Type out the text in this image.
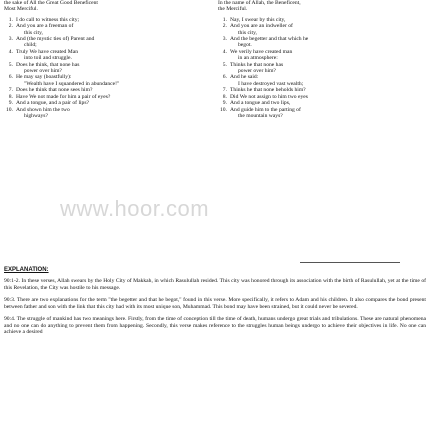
the sake of All the Great Good Beneficent
Most Merciful.
1. I do call to witness this city;
2. And you are a freeman of
this city,
3. And (the mystic ties of) Parent and
child;
4. Truly We have created Man
into toil and struggle.
5. Does he think, that none has
power over him?
6. He may say (boastfully):
"Wealth have I squandered in abundance!"
7. Does he think that none sees him?
8. Have We not made for him a pair of eyes?
9. And a tongue, and a pair of lips?
10. And shown him the two
highways?
In the name of Allah, the Beneficent,
the Merciful.
1. Nay, I swear by this city,
2. And you are an indweller of
this city,
3. And the begetter and that which he
begot.
4. We verily have created man
in an atmosphere:
5. Thinks he that none has
power over him?
6. And he said:
I have destroyed vast wealth;
7. Thinks he that none beholds him?
8. Did We not assign to him two eyes
9. And a tongue and two lips,
10. And guide him to the parting of
the mountain ways?
www.hoor.com
EXPLANATION:

90:1-2. In these verses, Allah swears by the Holy City of Makkah, in which Rasulullah resided. This city was honored through its association with the birth of Rasulullah, yet at the time of this Revelation, the City was hostile to his message.

90:3. There are two explanations for the term "the begetter and that he begot," found in this verse. More specifically, it refers to Adam and his children. It also compares the bond present between father and son with the link that this city had with its most unique son, Muhammad. This bond may have been strained, but it could never be severed.

90:4. The struggle of mankind has two meanings here. Firstly, from the time of conception till the time of death, humans undergo great trials and tribulations. These are natural phenomena and no one can do anything to prevent them from happening. Secondly, this verse makes reference to the struggles human beings undergo to achieve their objectives in life. No one can achieve a desired
